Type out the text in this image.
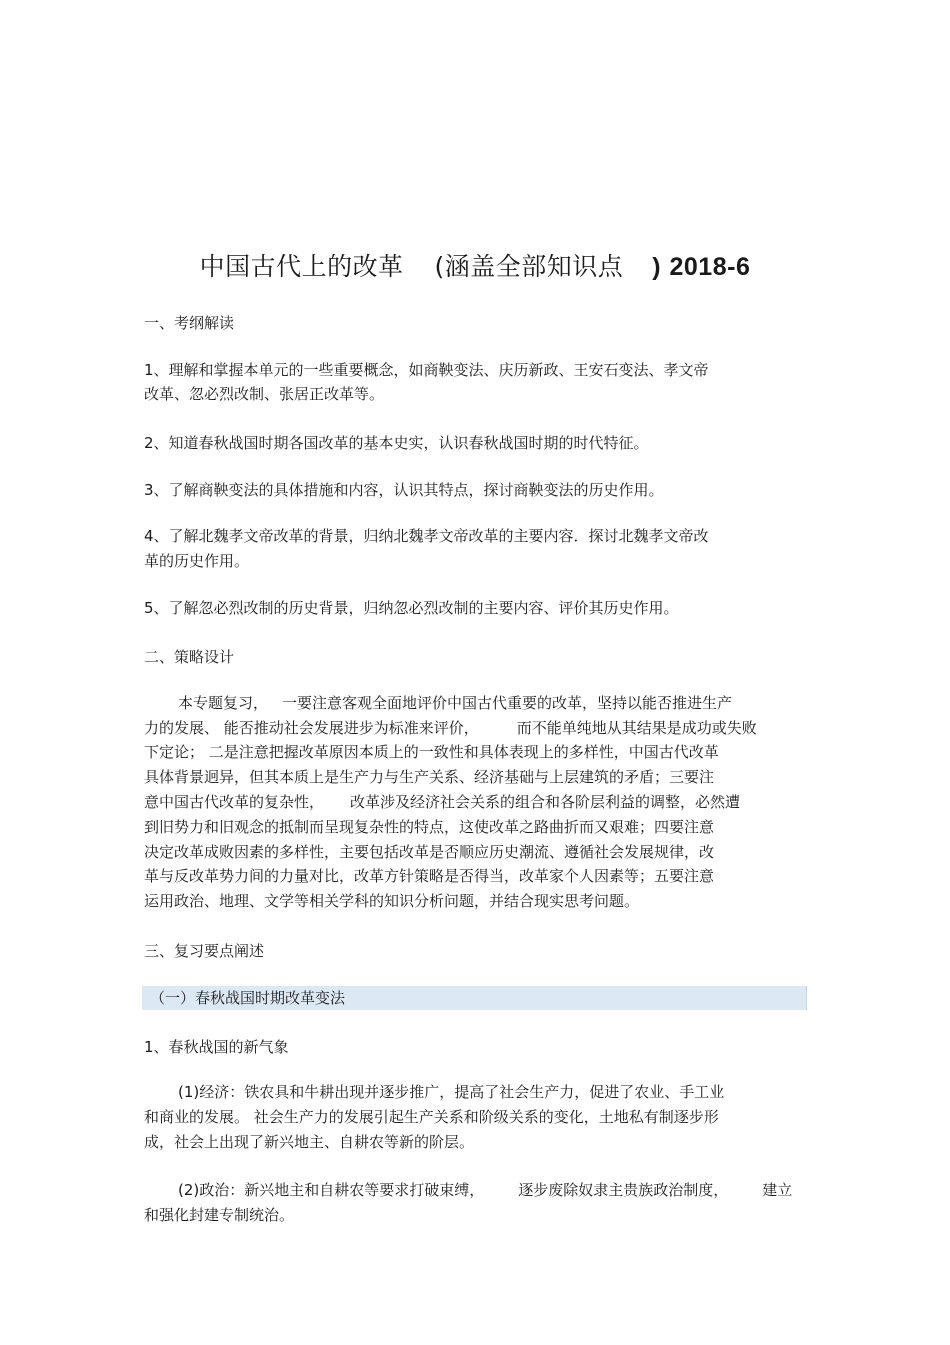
中国古代上的改革 (涵盖全部知识点 ) 2018-6
一、考纲解读
1、理解和掌握本单元的一些重要概念，如商鞅变法、庆历新政、王安石变法、孝文帝
改革、忽必烈改制、张居正改革等。
2、知道春秋战国时期各国改革的基本史实，认识春秋战国时期的时代特征。
3、了解商鞅变法的具体措施和内容，认识其特点，探讨商鞅变法的历史作用。
4、了解北魏孝文帝改革的背景，归纳北魏孝文帝改革的主要内容．探讨北魏孝文帝改
革的历史作用。
5、了解忽必烈改制的历史背景，归纳忽必烈改制的主要内容、评价其历史作用。
二、策略设计
本专题复习， 一要注意客观全面地评价中国古代重要的改革，坚持以能否推进生产
力的发展、 能否推动社会发展进步为标准来评价，	而不能单纯地从其结果是成功或失败
下定论； 二是注意把握改革原因本质上的一致性和具体表现上的多样性，中国古代改革
具体背景迥异，但其本质上是生产力与生产关系、经济基础与上层建筑的矛盾；三要注
意中国古代改革的复杂性， 改革涉及经济社会关系的组合和各阶层利益的调整，必然遭
到旧势力和旧观念的抵制而呈现复杂性的特点，这使改革之路曲折而又艰难；四要注意
决定改革成败因素的多样性，主要包括改革是否顺应历史潮流、遵循社会发展规律，改
革与反改革势力间的力量对比，改革方针策略是否得当，改革家个人因素等；五要注意
运用政治、地理、文学等相关学科的知识分析问题，并结合现实思考问题。
三、复习要点阐述
（一）春秋战国时期改革变法
1、春秋战国的新气象
(1)经济：铁农具和牛耕出现并逐步推广，提高了社会生产力，促进了农业、手工业
和商业的发展。 社会生产力的发展引起生产关系和阶级关系的变化，土地私有制逐步形
成，社会上出现了新兴地主、自耕农等新的阶层。
(2)政治：新兴地主和自耕农等要求打破束缚， 逐步废除奴隶主贵族政治制度， 建立
和强化封建专制统治。
